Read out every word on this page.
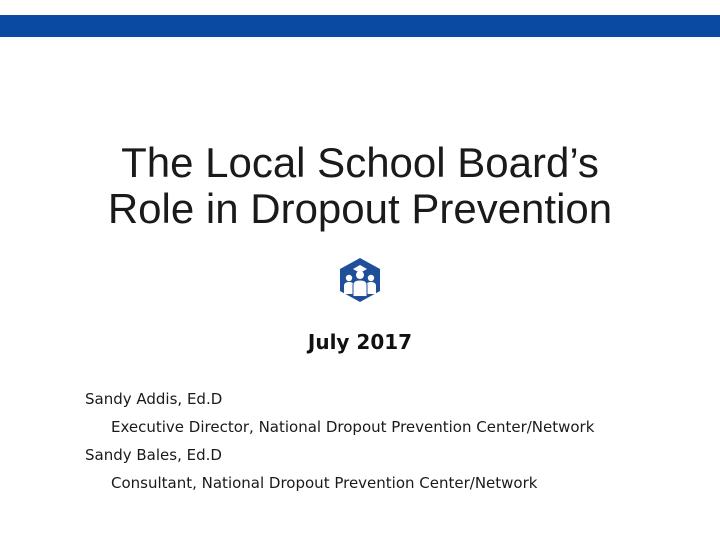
The Local School Board’s
Role in Dropout Prevention
July 2017
Sandy Addis, Ed.D
Executive Director, National Dropout Prevention Center/Network
Sandy Bales, Ed.D
Consultant, National Dropout Prevention Center/Network
